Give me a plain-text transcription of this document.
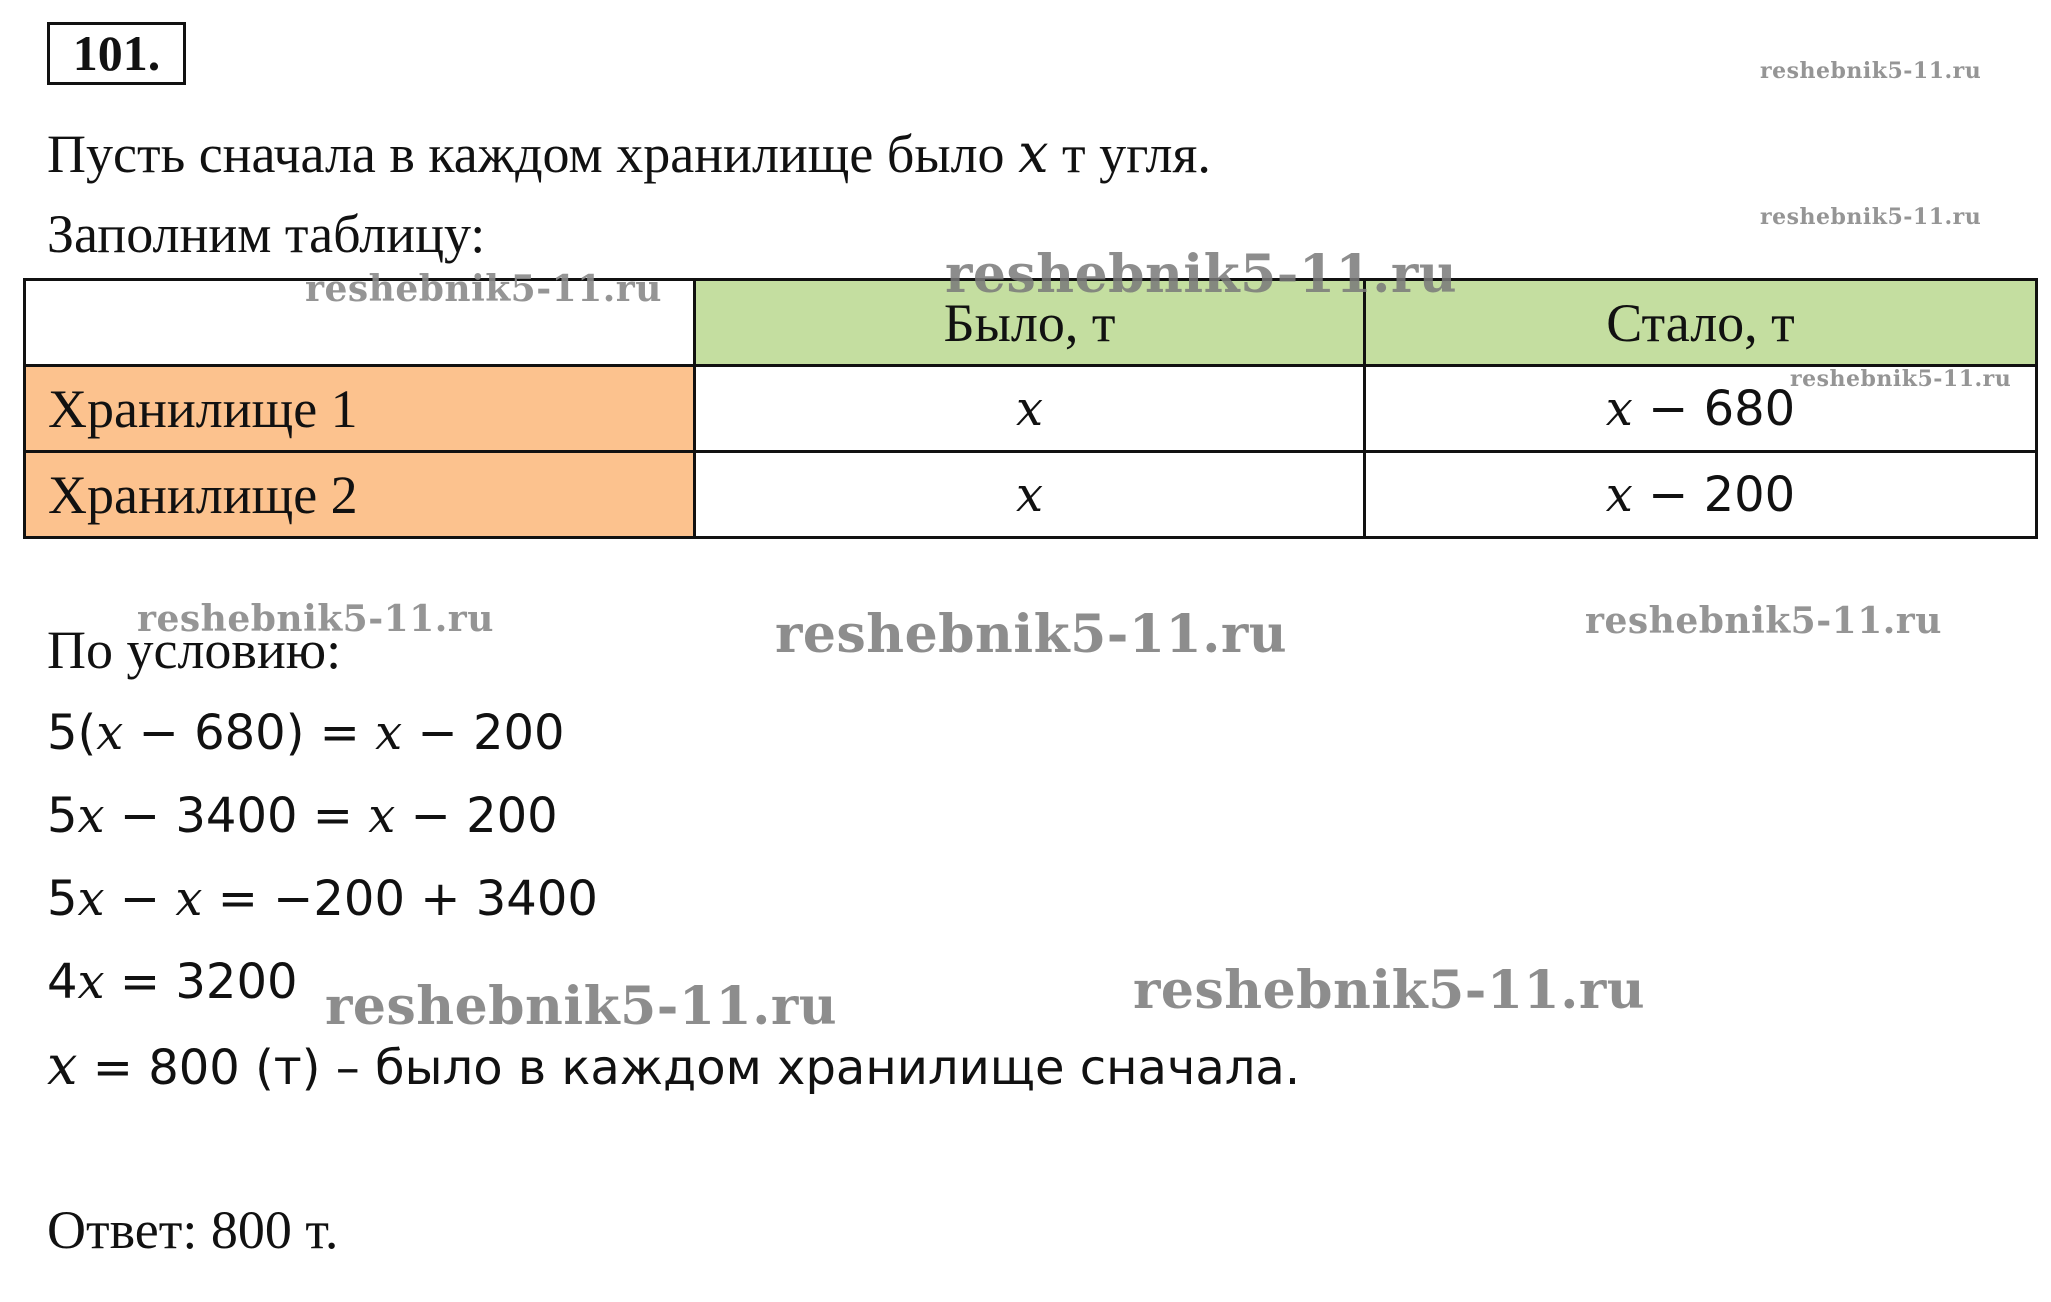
101.
Пусть сначала в каждом хранилище было x т угля.
Заполним таблицу:
	Было, т	Стало, т
Хранилище 1	x	x − 680
Хранилище 2	x	x − 200
По условию:
5(x − 680) = x − 200
5x − 3400 = x − 200
5x − x = −200 + 3400
4x = 3200
x = 800 (т) – было в каждом хранилище сначала.
Ответ: 800 т.
reshebnik5-11.ru
reshebnik5-11.ru
reshebnik5-11.ru	reshebnik5-11.ru
reshebnik5-11.ru
reshebnik5-11.ru	reshebnik5-11.ru	reshebnik5-11.ru
reshebnik5-11.ru	reshebnik5-11.ru
